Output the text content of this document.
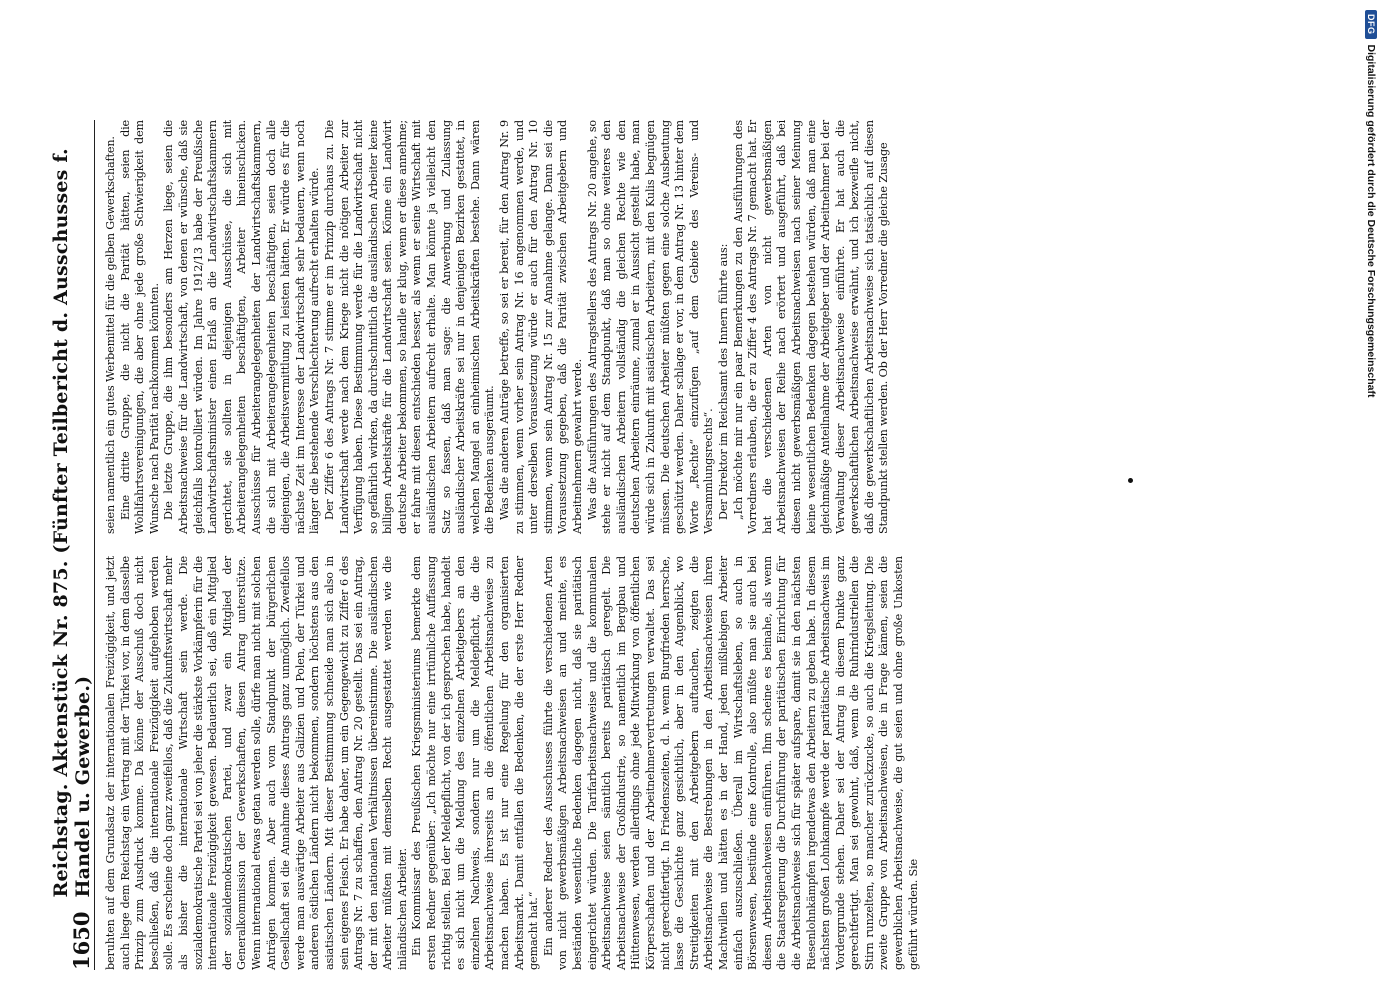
1650
Reichstag. Aktenstück Nr. 875. (Fünfter Teilbericht d. Ausschusses f. Handel u. Gewerbe.) beruhten auf dem Grundsatz der internationalen Freizügigkeit, und jetzt auch liege dem Reichstag ein Vertrag mit der Türkei vor, in dem dasselbe Prinzip zum Ausdruck komme. Da könne der Ausschuß doch nicht beschließen, daß die internationale Freizügigkeit aufgehoben werden solle. Es erscheine doch ganz zweifellos, daß die Zukunftswirtschaft mehr als bisher die internationale Wirtschaft sein werde. Die sozialdemokratische Partei sei von jeher die stärkste Vorkämpferin für die internationale Freizügigkeit gewesen. Bedauerlich sei, daß ein Mitglied der sozialdemokratischen Partei, und zwar ein Mitglied der Generalkommission der Gewerkschaften, diesen Antrag unterstütze. Wenn international etwas getan werden solle, dürfe man nicht mit solchen Anträgen kommen. Aber auch vom Standpunkt der bürgerlichen Gesellschaft sei die Annahme dieses Antrags ganz unmöglich. Zweifellos werde man auswärtige Arbeiter aus Galizien und Polen, der Türkei und anderen östlichen Ländern nicht bekommen, sondern höchstens aus den asiatischen Ländern. Mit dieser Bestimmung schneide man sich also in sein eigenes Fleisch. Er habe daher, um ein Gegengewicht zu Ziffer 6 des Antrags Nr. 7 zu schaffen, den Antrag Nr. 20 gestellt. Das sei ein Antrag, der mit den nationalen Verhältnissen übereinstimme. Die ausländischen Arbeiter müßten mit demselben Recht ausgestattet werden wie die inländischen Arbeiter. Ein Kommissar des Preußischen Kriegsministeriums bemerkte dem ersten Redner gegenüber: „Ich möchte nur eine irrtümliche Auffassung richtig stellen. Bei der Meldepflicht, von der ich gesprochen habe, handelt es sich nicht um die Meldung des einzelnen Arbeitgebers an den einzelnen Nachweis, sondern nur um die Meldepflicht, die die Arbeitsnachweise ihrerseits an die öffentlichen Arbeitsnachweise zu machen haben. Es ist nur eine Regelung für den organisierten Arbeitsmarkt. Damit entfallen die Bedenken, die der erste Herr Redner gemacht hat.“ Ein anderer Redner des Ausschusses führte die verschiedenen Arten von nicht gewerbsmäßigen Arbeitsnachweisen an und meinte, es beständen wesentliche Bedenken dagegen nicht, daß sie paritätisch eingerichtet würden. Die Tarifarbeitsnachweise und die kommunalen Arbeitsnachweise seien sämtlich bereits paritätisch geregelt. Die Arbeitsnachweise der Großindustrie, so namentlich im Bergbau und Hüttenwesen, werden allerdings ohne jede Mitwirkung von öffentlichen Körperschaften und der Arbeitnehmervertretungen verwaltet. Das sei nicht gerechtfertigt. In Friedenszeiten, d. h. wenn Burgfrieden herrsche, lasse die Geschichte ganz gesichtlich, aber in den Augenblick, wo Streitigkeiten mit den Arbeitgebern auftauchen, zeigten die Arbeitsnachweise die Bestrebungen in den Arbeitsnachweisen ihren Machtwillen und hätten es in der Hand, jeden mißliebigen Arbeiter einfach auszuschließen. Überall im Wirtschaftsleben, so auch in Börsenwesen, bestünde eine Kontrolle, also müßte man sie auch bei diesen Arbeitsnachweisen einführen. Ihm scheine es beinahe, als wenn die Staatsregierung die Durchführung der paritätischen Einrichtung für die Arbeitsnachweise sich für später aufspare, damit sie in den nächsten Riesenlohnkämpfen irgendetwas den Arbeitern zu geben habe. In diesem nächsten großen Lohnkampfe werde der paritätische Arbeitsnachweis im Vordergrunde stehen. Daher sei der Antrag in diesem Punkte ganz gerechtfertigt. Man sei gewohnt, daß, wenn die Ruhrindustriellen die Stirn runzelten, so mancher zurückzucke, so auch die Kriegsleitung. Die zweite Gruppe von Arbeitsnachweisen, die in Frage kämen, seien die gewerblichen Arbeitsnachweise, die gut seien und ohne große Unkosten geführt würden. Sie

seien namentlich ein gutes Werbemittel für die gelben Gewerkschaften. Eine dritte Gruppe, die nicht die Parität hätten, seien die Wohlfahrtsvereinigungen, die aber ohne jede große Schwierigkeit dem Wunsche nach Parität nachkommen könnten. Die letzte Gruppe, die ihm besonders am Herzen liege, seien die Arbeitsnachweise für die Landwirtschaft, von denen er wünsche, daß sie gleichfalls kontrolliert würden. Im Jahre 1912/13 habe der Preußische Landwirtschaftsminister einen Erlaß an die Landwirtschaftskammern gerichtet, sie sollten in diejenigen Ausschüsse, die sich mit Arbeiterangelegenheiten beschäftigten, Arbeiter hineinschicken. Ausschüsse für Arbeiterangelegenheiten der Landwirtschaftskammern, die sich mit Arbeiterangelegenheiten beschäftigten, seien doch alle diejenigen, die Arbeitsvermittlung zu leisten hätten. Er würde es für die nächste Zeit im Interesse der Landwirtschaft sehr bedauern, wenn noch länger die bestehende Verschlechterung aufrecht erhalten würde. Der Ziffer 6 des Antrags Nr. 7 stimme er im Prinzip durchaus zu. Die Landwirtschaft werde nach dem Kriege nicht die nötigen Arbeiter zur Verfügung haben. Diese Bestimmung werde für die Landwirtschaft nicht so gefährlich wirken, da durchschnittlich die ausländischen Arbeiter keine billigen Arbeitskräfte für die Landwirtschaft seien. Könne ein Landwirt deutsche Arbeiter bekommen, so handle er klug, wenn er diese annehme; er fahre mit diesen entschieden besser, als wenn er seine Wirtschaft mit ausländischen Arbeitern aufrecht erhalte. Man könnte ja vielleicht den Satz so fassen, daß man sage: die Anwerbung und Zulassung ausländischer Arbeitskräfte sei nur in denjenigen Bezirken gestattet, in welchen Mangel an einheimischen Arbeitskräften bestehe. Dann wären die Bedenken ausgeräumt. Was die anderen Anträge betreffe, so sei er bereit, für den Antrag Nr. 9 zu stimmen, wenn vorher sein Antrag Nr. 16 angenommen werde, und unter derselben Voraussetzung würde er auch für den Antrag Nr. 10 stimmen, wenn sein Antrag Nr. 15 zur Annahme gelange. Dann sei die Voraussetzung gegeben, daß die Parität zwischen Arbeitgebern und Arbeitnehmern gewahrt werde. Was die Ausführungen des Antragstellers des Antrags Nr. 20 angehe, so stehe er nicht auf dem Standpunkt, daß man so ohne weiteres den ausländischen Arbeitern vollständig die gleichen Rechte wie den deutschen Arbeitern einräume, zumal er in Aussicht gestellt habe, man würde sich in Zukunft mit asiatischen Arbeitern, mit den Kulis begnügen müssen. Die deutschen Arbeiter müßten gegen eine solche Ausbeutung geschützt werden. Daher schlage er vor, in dem Antrag Nr. 13 hinter dem Worte „Rechte“ einzufügen „auf dem Gebiete des Vereins- und Versammlungsrechts“. Der Direktor im Reichsamt des Innern führte aus: „Ich möchte mir nur ein paar Bemerkungen zu den Ausführungen des Vorredners erlauben, die er zu Ziffer 4 des Antrags Nr. 7 gemacht hat. Er hat die verschiedenen Arten von nicht gewerbsmäßigen Arbeitsnachweisen der Reihe nach erörtert und ausgeführt, daß bei diesen nicht gewerbsmäßigen Arbeitsnachweisen nach seiner Meinung keine wesentlichen Bedenken dagegen bestehen würden, daß man eine gleichmäßige Anteilnahme der Arbeitgeber und der Arbeitnehmer bei der Verwaltung dieser Arbeitsnachweise einführte. Er hat auch die gewerkschaftlichen Arbeitsnachweise erwähnt, und ich bezweifle nicht, daß die gewerkschaftlichen Arbeitsnachweise sich tatsächlich auf diesen Standpunkt stellen werden. Ob der Herr Vorredner die gleiche Zusage

DFG
Digitalisierung gefördert durch die Deutsche Forschungsgemeinschaft
